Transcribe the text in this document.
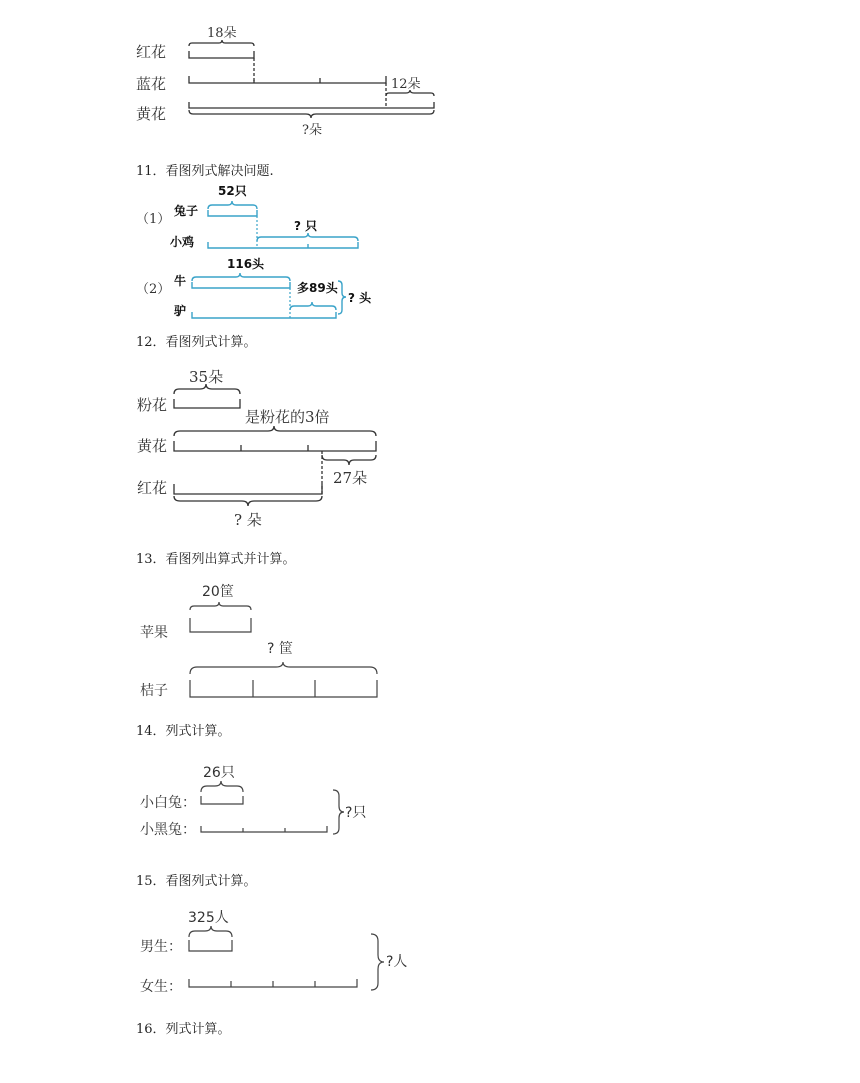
红花
蓝花
黄花
18朵
12朵
?朵
11．看图列式解决问题.
（1）
兔子
小鸡
52只
? 只
（2）
牛
驴
116头
多89头
? 头
12．看图列式计算。
粉花
黄花
红花
35朵
是粉花的3倍
27朵
? 朵
13．看图列出算式并计算。
苹果
桔子
20筐
? 筐
14．列式计算。
小白兔：
小黑兔：
26只
?只
15．看图列式计算。
男生：
女生：
325人
?人
16．列式计算。
